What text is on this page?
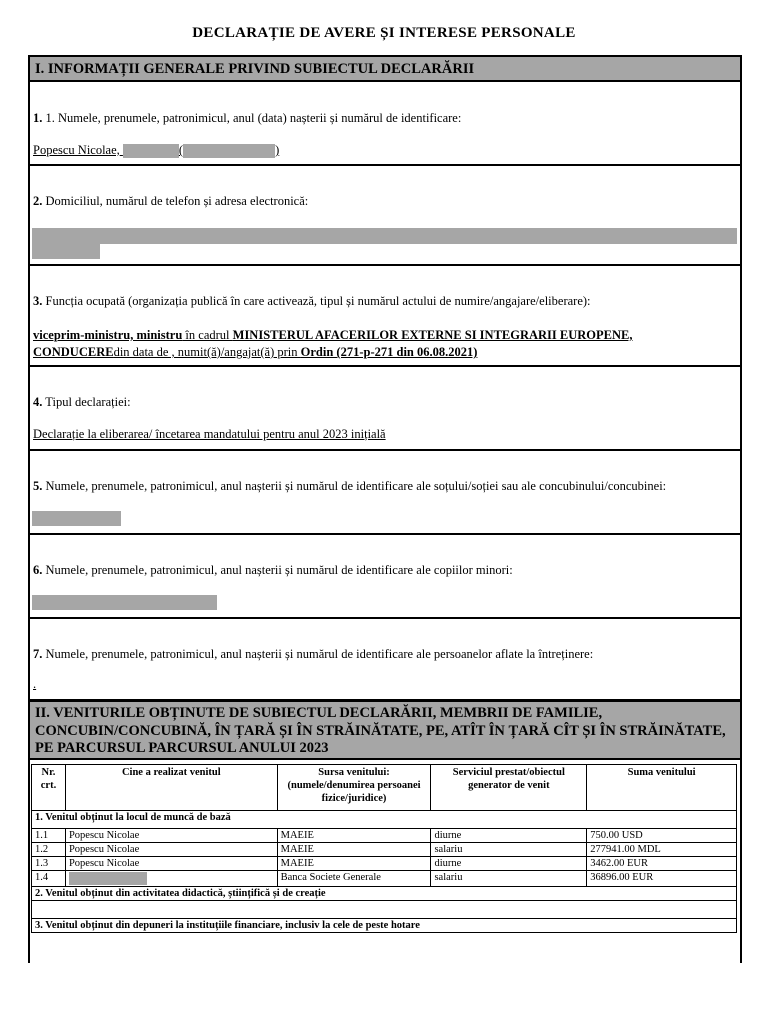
DECLARAȚIE DE AVERE ȘI INTERESE PERSONALE
I. INFORMAȚII GENERALE PRIVIND SUBIECTUL DECLARĂRII
1. 1. Numele, prenumele, patronimicul, anul (data) nașterii și numărul de identificare:
Popescu Nicolae,	(	)
2. Domiciliul, numărul de telefon și adresa electronică:
3. Funcția ocupată (organizația publică în care activează, tipul și numărul actului de numire/angajare/eliberare):
viceprim-ministru, ministru în cadrul MINISTERUL AFACERILOR EXTERNE SI INTEGRARII EUROPENE,
CONDUCEREdin data de , numit(ă)/angajat(ă) prin Ordin (271-p-271 din 06.08.2021)
4. Tipul declarației:
Declarație la eliberarea/ încetarea mandatului pentru anul 2023 inițială
5. Numele, prenumele, patronimicul, anul nașterii și numărul de identificare ale soțului/soției sau ale concubinului/concubinei:
6. Numele, prenumele, patronimicul, anul nașterii și numărul de identificare ale copiilor minori:
7. Numele, prenumele, patronimicul, anul nașterii și numărul de identificare ale persoanelor aflate la întreținere:
.
II. VENITURILE OBȚINUTE DE SUBIECTUL DECLARĂRII, MEMBRII DE FAMILIE,
CONCUBIN/CONCUBINĂ, ÎN ȚARĂ ȘI ÎN STRĂINĂTATE, PE, ATÎT ÎN ȚARĂ CÎT ȘI ÎN STRĂINĂTATE,
PE PARCURSUL PARCURSUL ANULUI 2023
Nr. crt.	Cine a realizat venitul	Sursa venitului: (numele/denumirea persoanei fizice/juridice)	Serviciul prestat/obiectul generator de venit	Suma venitului
1. Venitul obținut la locul de muncă de bază				
1.1	Popescu Nicolae	MAEIE	diurne	750.00 USD
1.2	Popescu Nicolae	MAEIE	salariu	277941.00 MDL
1.3	Popescu Nicolae	MAEIE	diurne	3462.00 EUR
1.4		Banca Societe Generale	salariu	36896.00 EUR
2. Venitul obținut din activitatea didactică, științifică și de creație				

3. Venitul obținut din depuneri la instituțiile financiare, inclusiv la cele de peste hotare				
